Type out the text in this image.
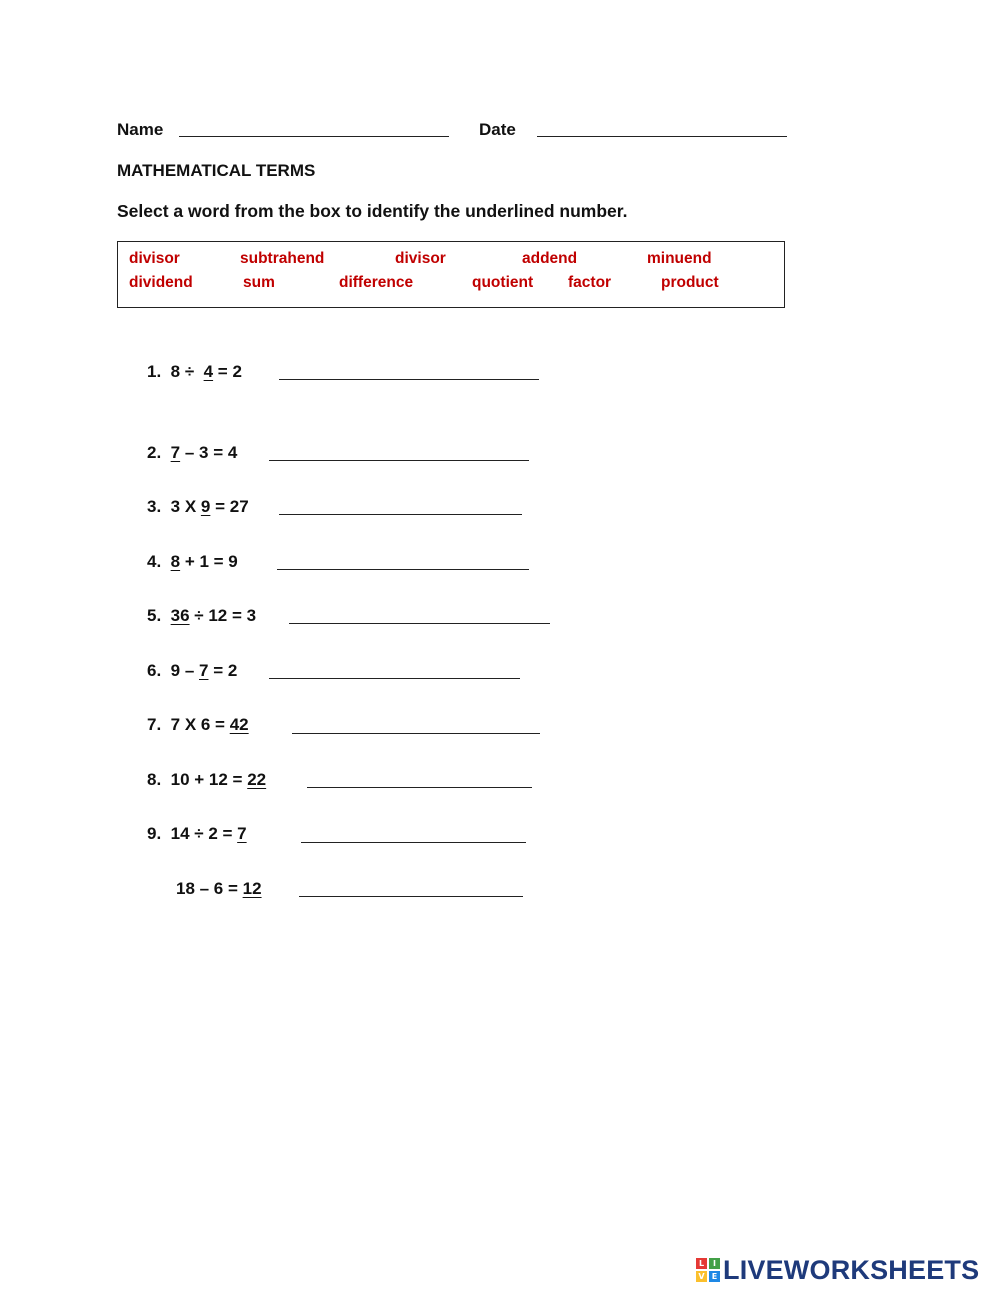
Name	Date
MATHEMATICAL TERMS
Select a word from the box to identify the underlined number.
divisor	subtrahend	divisor	addend	minuend
dividend	sum	difference	quotient factor	product
1. 8 ÷  4 = 2
2. 7 – 3 = 4
3. 3 X 9 = 27
4. 8 + 1 = 9
5. 36 ÷ 12 = 3
6. 9 – 7 = 2
7. 7 X 6 = 42
8. 10 + 12 = 22
9. 14 ÷ 2 = 7
18 – 6 = 12
L	I
V E LIVEWORKSHEETS
